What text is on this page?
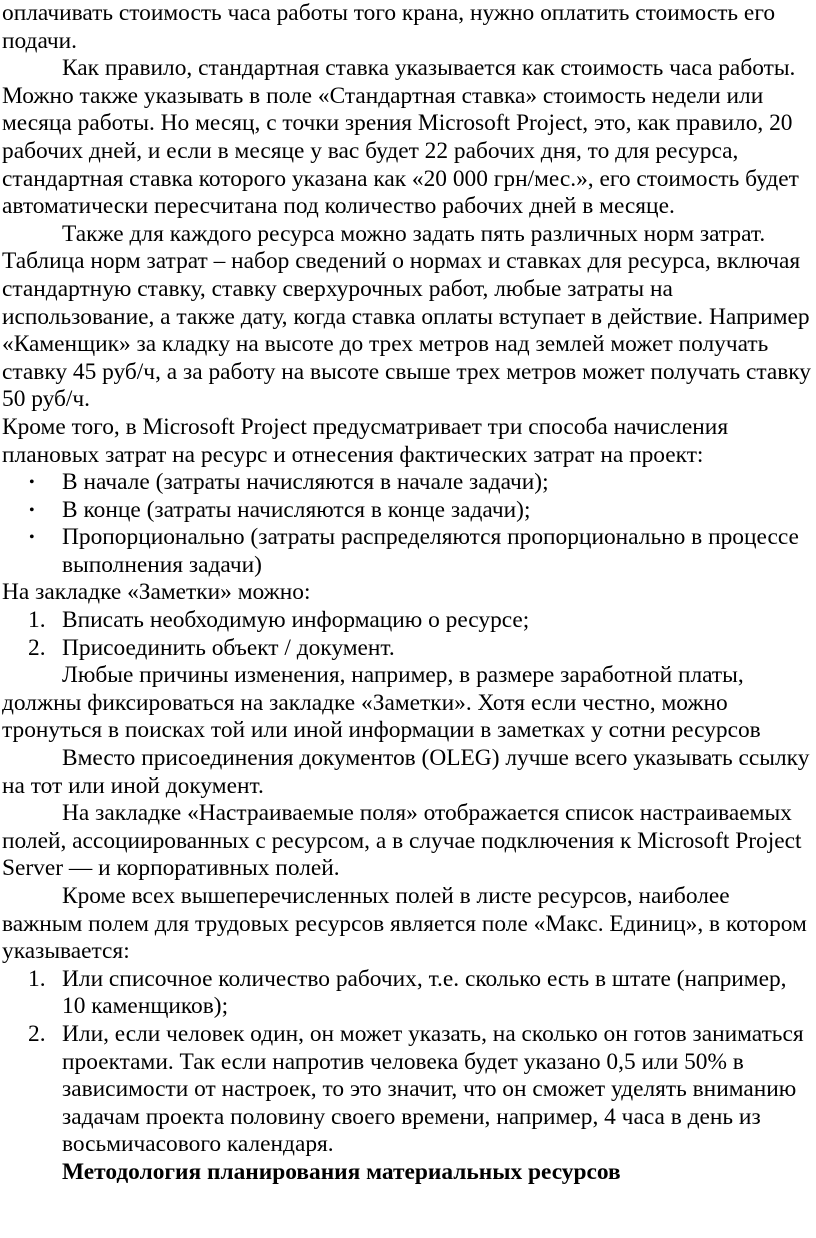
оплачивать стоимость часа работы того крана, нужно оплатить стоимость его подачи.

Как правило, стандартная ставка указывается как стоимость часа работы. Можно также указывать в поле «Стандартная ставка» стоимость недели или месяца работы. Но месяц, с точки зрения Microsoft Project, это, как правило, 20 рабочих дней, и если в месяце у вас будет 22 рабочих дня, то для ресурса, стандартная ставка которого указана как «20 000 грн/мес.», его стоимость будет автоматически пересчитана под количество рабочих дней в месяце.

Также для каждого ресурса можно задать пять различных норм затрат. Таблица норм затрат – набор сведений о нормах и ставках для ресурса, включая стандартную ставку, ставку сверхурочных работ, любые затраты на использование, а также дату, когда ставка оплаты вступает в действие. Например «Каменщик» за кладку на высоте до трех метров над землей может получать ставку 45 руб/ч, а за работу на высоте свыше трех метров может получать ставку 50 руб/ч.

Кроме того, в Microsoft Project предусматривает три способа начисления плановых затрат на ресурс и отнесения фактических затрат на проект:

• В начале (затраты начисляются в начале задачи);
• В конце (затраты начисляются в конце задачи);
• Пропорционально (затраты распределяются пропорционально в процессе выполнения задачи)

На закладке «Заметки» можно:

1. Вписать необходимую информацию о ресурсе;
2. Присоединить объект / документ.

Любые причины изменения, например, в размере заработной платы, должны фиксироваться на закладке «Заметки». Хотя если честно, можно тронуться в поисках той или иной информации в заметках у сотни ресурсов

Вместо присоединения документов (OLEG) лучше всего указывать ссылку на тот или иной документ.

На закладке «Настраиваемые поля» отображается список настраиваемых полей, ассоциированных с ресурсом, а в случае подключения к Microsoft Project Server — и корпоративных полей.

Кроме всех вышеперечисленных полей в листе ресурсов, наиболее важным полем для трудовых ресурсов является поле «Макс. Единиц», в котором указывается:

1. Или списочное количество рабочих, т.е. сколько есть в штате (например, 10 каменщиков);
2. Или, если человек один, он может указать, на сколько он готов заниматься проектами. Так если напротив человека будет указано 0,5 или 50% в зависимости от настроек, то это значит, что он сможет уделять вниманию задачам проекта половину своего времени, например, 4 часа в день из восьмичасового календаря.

Методология планирования материальных ресурсов
